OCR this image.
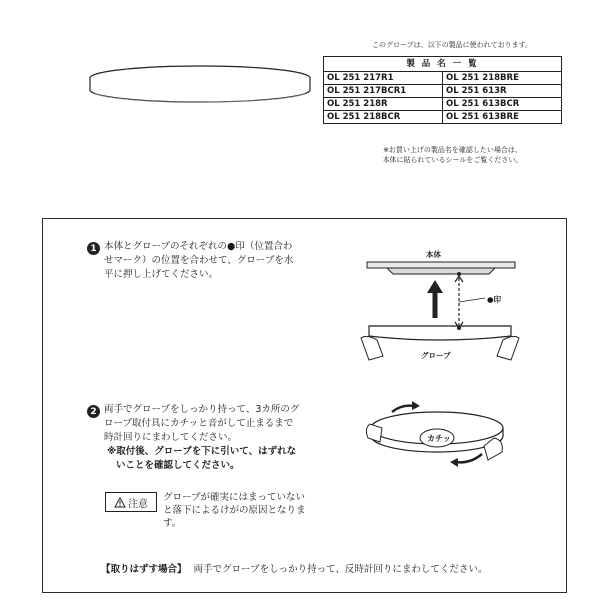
このグローブは、以下の製品に使われております。
製 品 名 一 覧	
OL 251 217R1	OL 251 218BRE
OL 251 217BCR1	OL 251 613R
OL 251 218R	OL 251 613BCR
OL 251 218BCR	OL 251 613BRE
※お買い上げの製品名を確認したい場合は、
本体に貼られているシールをご覧ください。
1 本体とグローブのそれぞれの●印（位置合わ
せマーク）の位置を合わせて、グローブを水
平に押し上げてください。
本体
●印
グローブ
2 両手でグローブをしっかり持って、3カ所のグ
ローブ取付具にカチッと音がして止まるまで
時計回りにまわしてください。
※取付後、グローブを下に引いて、はずれな
いことを確認してください。
カチッ
注意
グローブが確実にはまっていない
と落下によるけがの原因となりま
す。
【取りはずす場合】 両手でグローブをしっかり持って、反時計回りにまわしてください。
